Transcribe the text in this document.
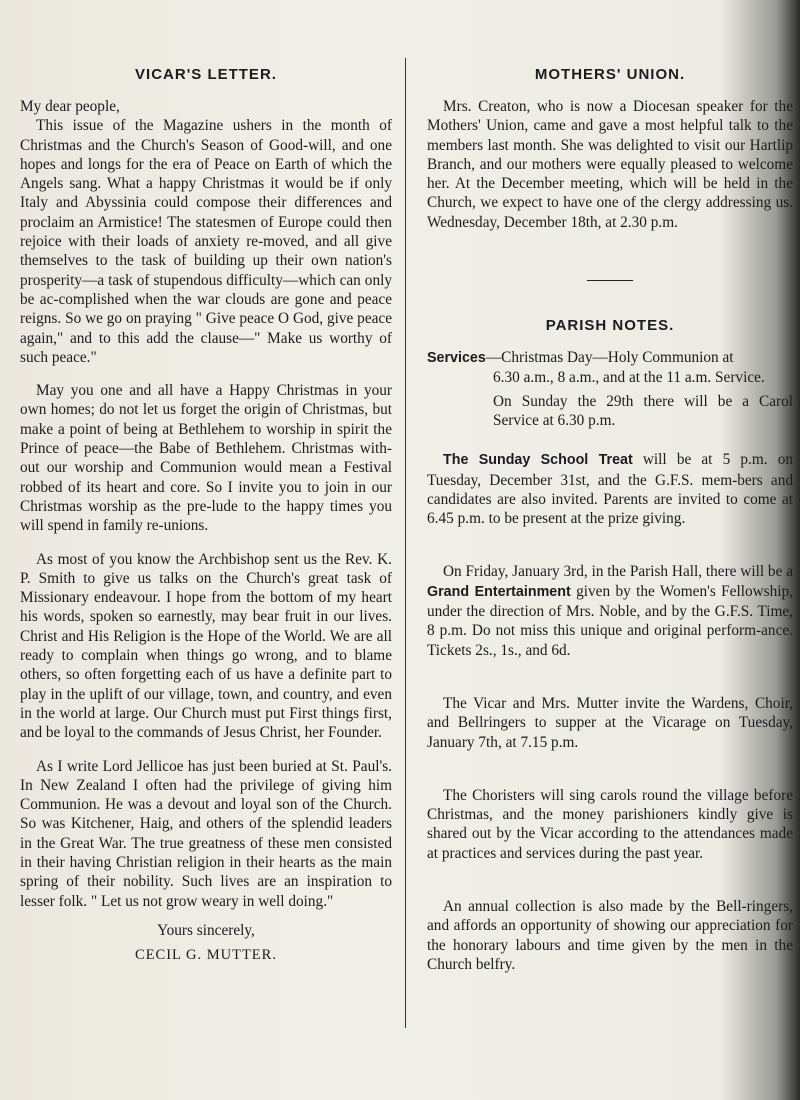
VICAR'S LETTER.

My dear people,

This issue of the Magazine ushers in the month of Christmas and the Church's Season of Good-will, and one hopes and longs for the era of Peace on Earth of which the Angels sang. What a happy Christmas it would be if only Italy and Abyssinia could compose their differences and proclaim an Armistice! The statesmen of Europe could then rejoice with their loads of anxiety re-moved, and all give themselves to the task of building up their own nation's prosperity—a task of stupendous difficulty—which can only be ac-complished when the war clouds are gone and peace reigns. So we go on praying " Give peace O God, give peace again," and to this add the clause—" Make us worthy of such peace."

May you one and all have a Happy Christmas in your own homes; do not let us forget the origin of Christmas, but make a point of being at Bethlehem to worship in spirit the Prince of peace—the Babe of Bethlehem. Christmas with-out our worship and Communion would mean a Festival robbed of its heart and core. So I invite you to join in our Christmas worship as the pre-lude to the happy times you will spend in family re-unions.

As most of you know the Archbishop sent us the Rev. K. P. Smith to give us talks on the Church's great task of Missionary endeavour. I hope from the bottom of my heart his words, spoken so earnestly, may bear fruit in our lives. Christ and His Religion is the Hope of the World. We are all ready to complain when things go wrong, and to blame others, so often forgetting each of us have a definite part to play in the uplift of our village, town, and country, and even in the world at large. Our Church must put First things first, and be loyal to the commands of Jesus Christ, her Founder.

As I write Lord Jellicoe has just been buried at St. Paul's. In New Zealand I often had the privilege of giving him Communion. He was a devout and loyal son of the Church. So was Kitchener, Haig, and others of the splendid leaders in the Great War. The true greatness of these men consisted in their having Christian religion in their hearts as the main spring of their nobility. Such lives are an inspiration to lesser folk. " Let us not grow weary in well doing."

Yours sincerely,

CECIL G. MUTTER.

MOTHERS' UNION.

Mrs. Creaton, who is now a Diocesan speaker for the Mothers' Union, came and gave a most helpful talk to the members last month. She was delighted to visit our Hartlip Branch, and our mothers were equally pleased to welcome her. At the December meeting, which will be held in the Church, we expect to have one of the clergy addressing us. Wednesday, December 18th, at 2.30 p.m.

PARISH NOTES.

Services—Christmas Day—Holy Communion at

6.30 a.m., 8 a.m., and at the 11 a.m. Service.

On Sunday the 29th there will be a Carol Service at 6.30 p.m.

The Sunday School Treat will be at 5 p.m. on Tuesday, December 31st, and the G.F.S. mem-bers and candidates are also invited. Parents are invited to come at 6.45 p.m. to be present at the prize giving.

On Friday, January 3rd, in the Parish Hall, there will be a Grand Entertainment given by the Women's Fellowship, under the direction of Mrs. Noble, and by the G.F.S. Time, 8 p.m. Do not miss this unique and original perform-ance. Tickets 2s., 1s., and 6d.

The Vicar and Mrs. Mutter invite the Wardens, Choir, and Bellringers to supper at the Vicarage on Tuesday, January 7th, at 7.15 p.m.

The Choristers will sing carols round the village before Christmas, and the money parishioners kindly give is shared out by the Vicar according to the attendances made at practices and services during the past year.

An annual collection is also made by the Bell-ringers, and affords an opportunity of showing our appreciation for the honorary labours and time given by the men in the Church belfry.
